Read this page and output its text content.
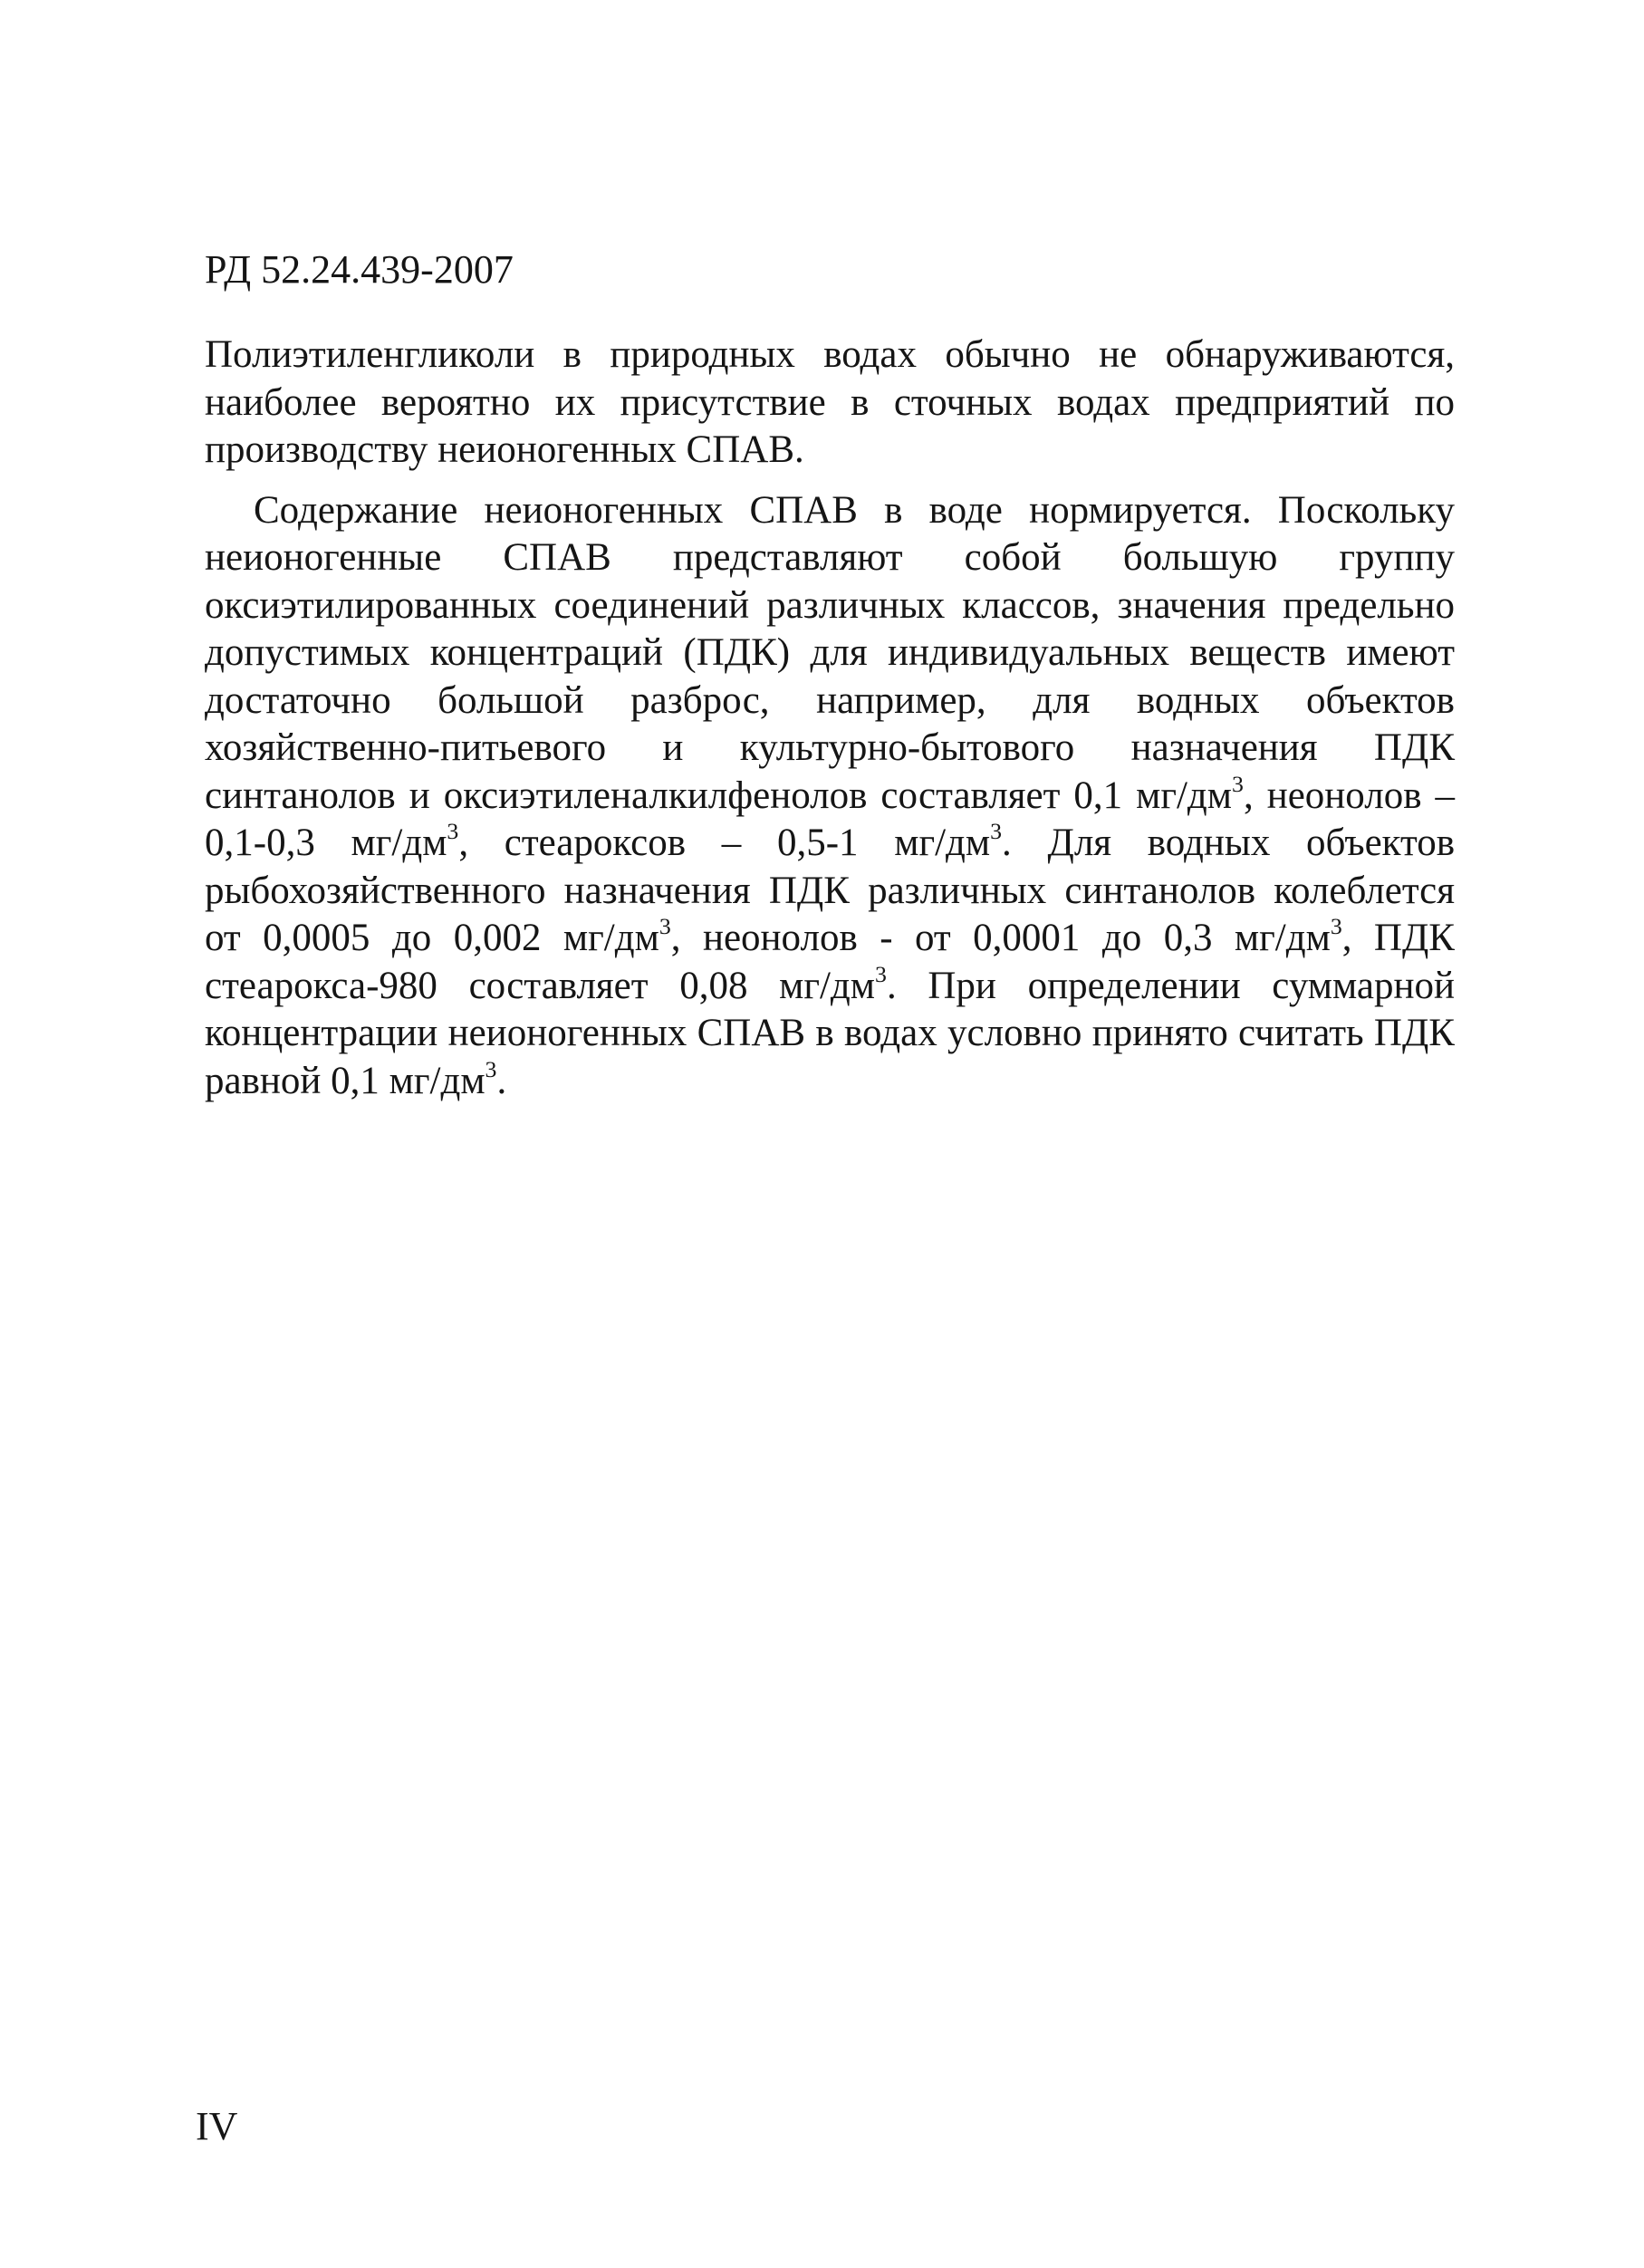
РД 52.24.439-2007

Полиэтиленгликоли в природных водах обычно не обнаруживаются, наиболее вероятно их присутствие в сточных водах предприятий по производству неионогенных СПАВ.

Содержание неионогенных СПАВ в воде нормируется. Поскольку неионогенные СПАВ представляют собой большую группу оксиэтилированных соединений различных классов, значения предельно допустимых концентраций (ПДК) для индивидуальных веществ имеют достаточно большой разброс, например, для водных объектов хозяйственно-питьевого и культурно-бытового назначения ПДК синтанолов и оксиэтиленалкилфенолов составляет 0,1 $мг/дм^3$, неонолов – 0,1-0,3 $мг/дм^3$, стеароксов – 0,5-1 $мг/дм^3$. Для водных объектов рыбохозяйственного назначения ПДК различных синтанолов колеблется от 0,0005 до 0,002 $мг/дм^3$, неонолов - от 0,0001 до 0,3 $мг/дм^3$, ПДК стеарокса-980 составляет 0,08 $мг/дм^3$. При определении суммарной концентрации неионогенных СПАВ в водах условно принято считать ПДК равной 0,1 $мг/дм^3$.

IV
